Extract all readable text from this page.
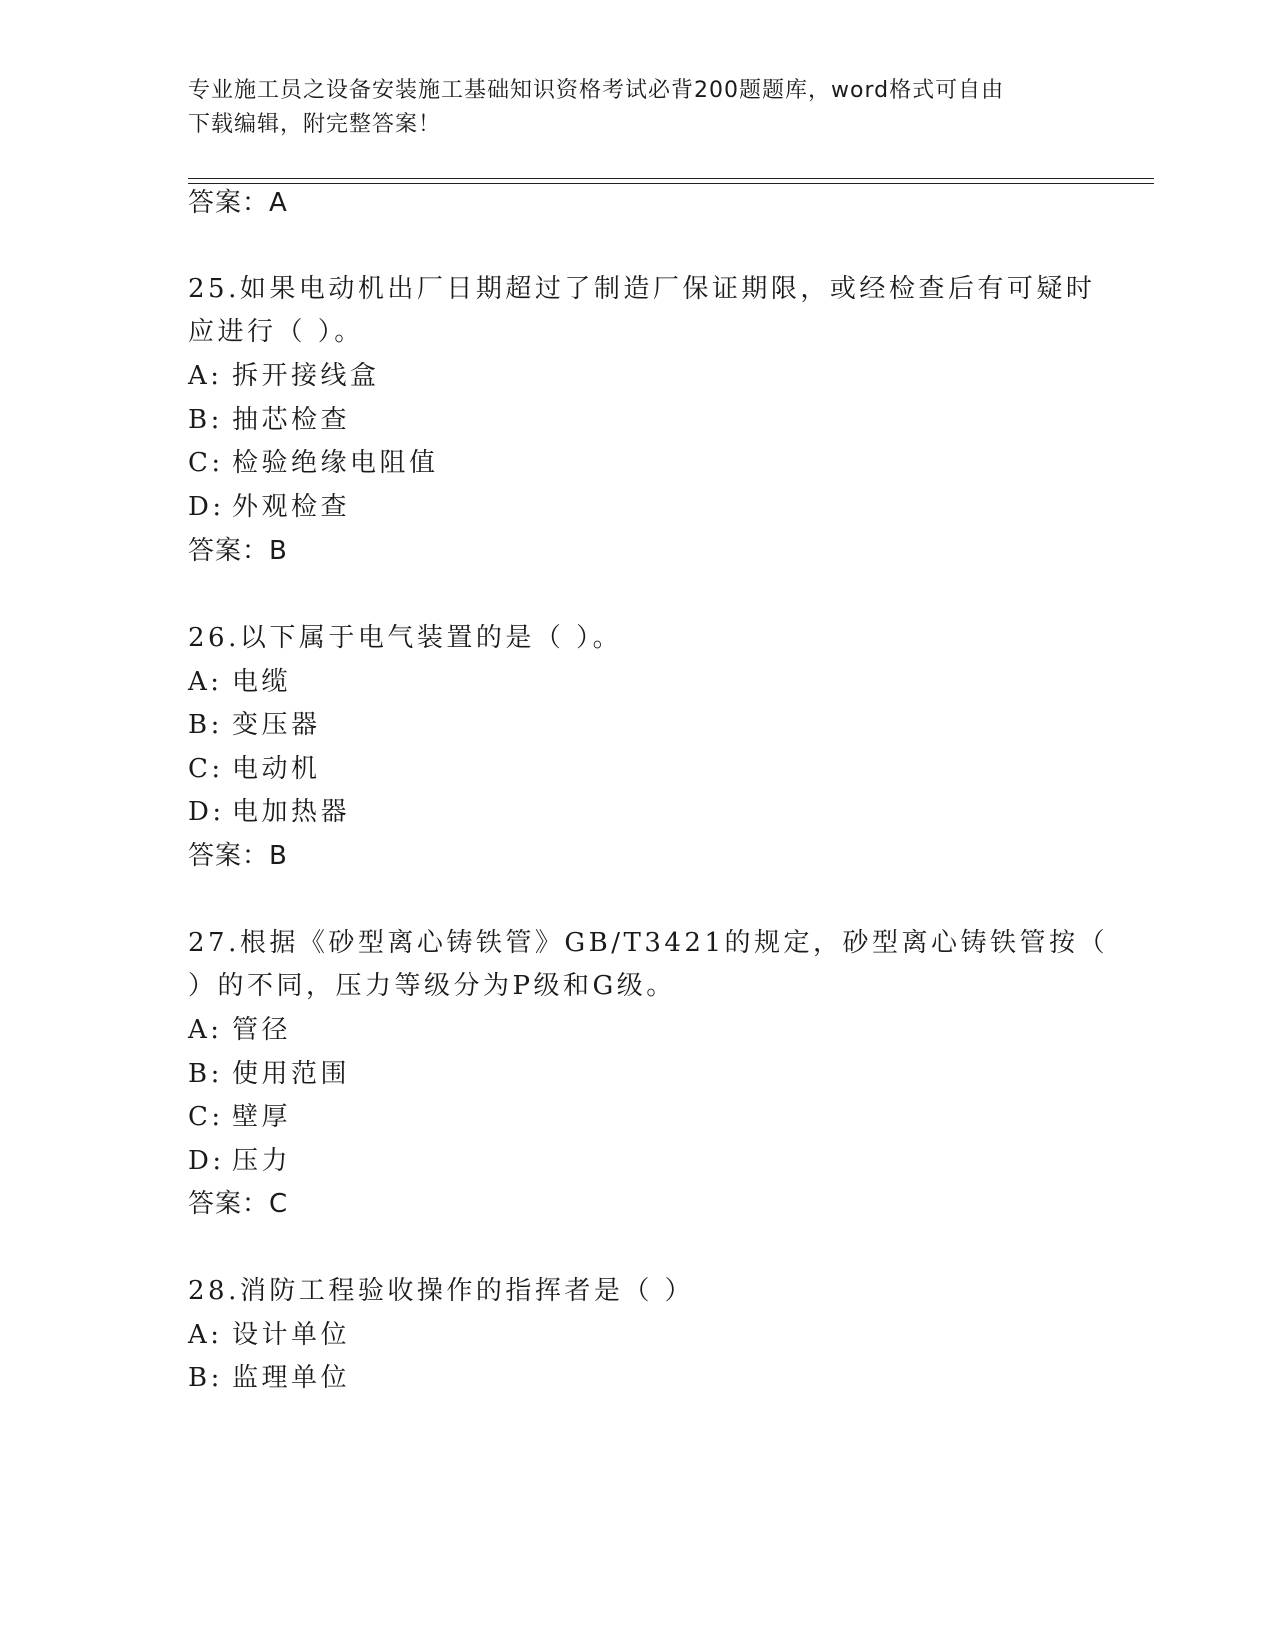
专业施工员之设备安装施工基础知识资格考试必背200题题库，word格式可自由
下载编辑，附完整答案！
答案：A
25.如果电动机出厂日期超过了制造厂保证期限，或经检查后有可疑时
应进行（ ）。
A: 拆开接线盒
B: 抽芯检查
C: 检验绝缘电阻值
D: 外观检查
答案：B
26.以下属于电气装置的是（ ）。
A: 电缆
B: 变压器
C: 电动机
D: 电加热器
答案：B
27.根据《砂型离心铸铁管》GB/T3421的规定，砂型离心铸铁管按（
）的不同，压力等级分为P级和G级。
A: 管径
B: 使用范围
C: 壁厚
D: 压力
答案：C
28.消防工程验收操作的指挥者是（ ）
A: 设计单位
B: 监理单位
